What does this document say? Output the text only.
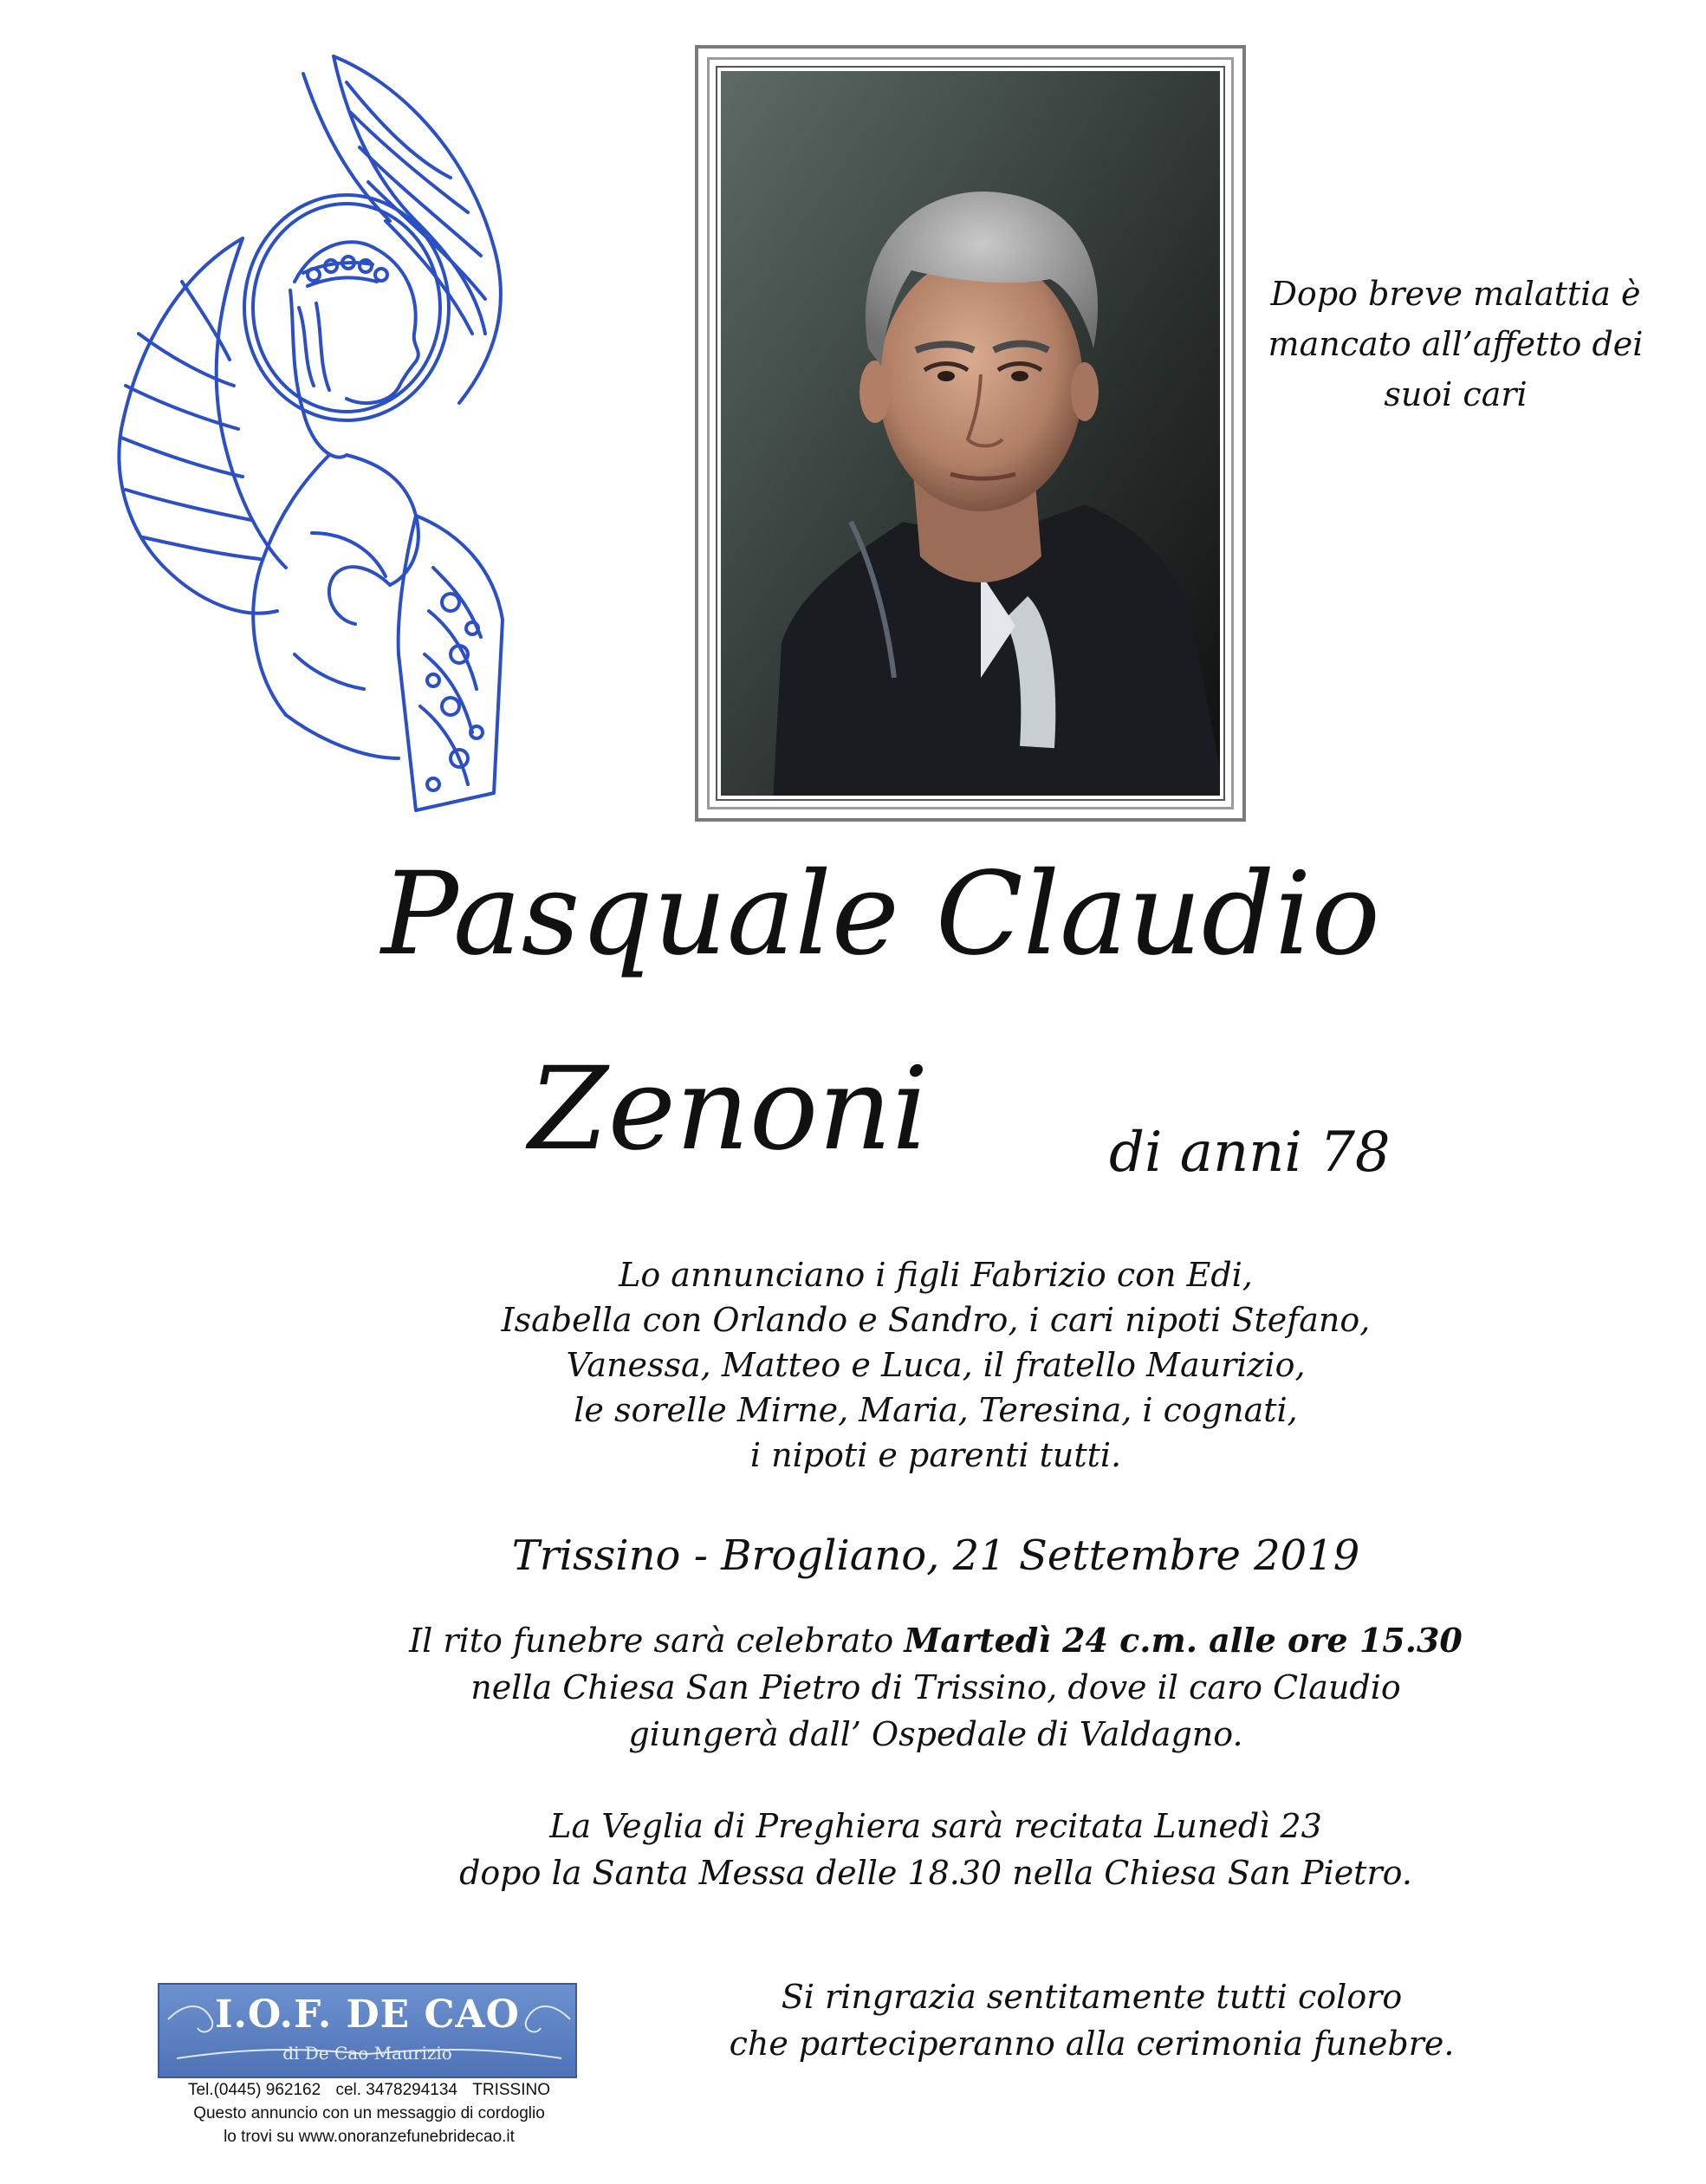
Dopo breve malattia è
mancato all’affetto dei
suoi cari
Pasquale Claudio
Zenoni	di anni 78
Lo annunciano i figli Fabrizio con Edi,
Isabella con Orlando e Sandro, i cari nipoti Stefano,
Vanessa, Matteo e Luca, il fratello Maurizio,
le sorelle Mirne, Maria, Teresina, i cognati,
i nipoti e parenti tutti.
Trissino - Brogliano, 21 Settembre 2019
Il rito funebre sarà celebrato Martedì 24 c.m. alle ore 15.30
nella Chiesa San Pietro di Trissino, dove il caro Claudio
giungerà dall’ Ospedale di Valdagno.
La Veglia di Preghiera sarà recitata Lunedì 23
dopo la Santa Messa delle 18.30 nella Chiesa San Pietro.
Si ringrazia sentitamente tutti coloro
che parteciperanno alla cerimonia funebre.
I.O.F. DE CAO
di De Cao Maurizio
Tel.(0445) 962162 cel. 3478294134 TRISSINO
Questo annuncio con un messaggio di cordoglio
lo trovi su www.onoranzefunebridecao.it
